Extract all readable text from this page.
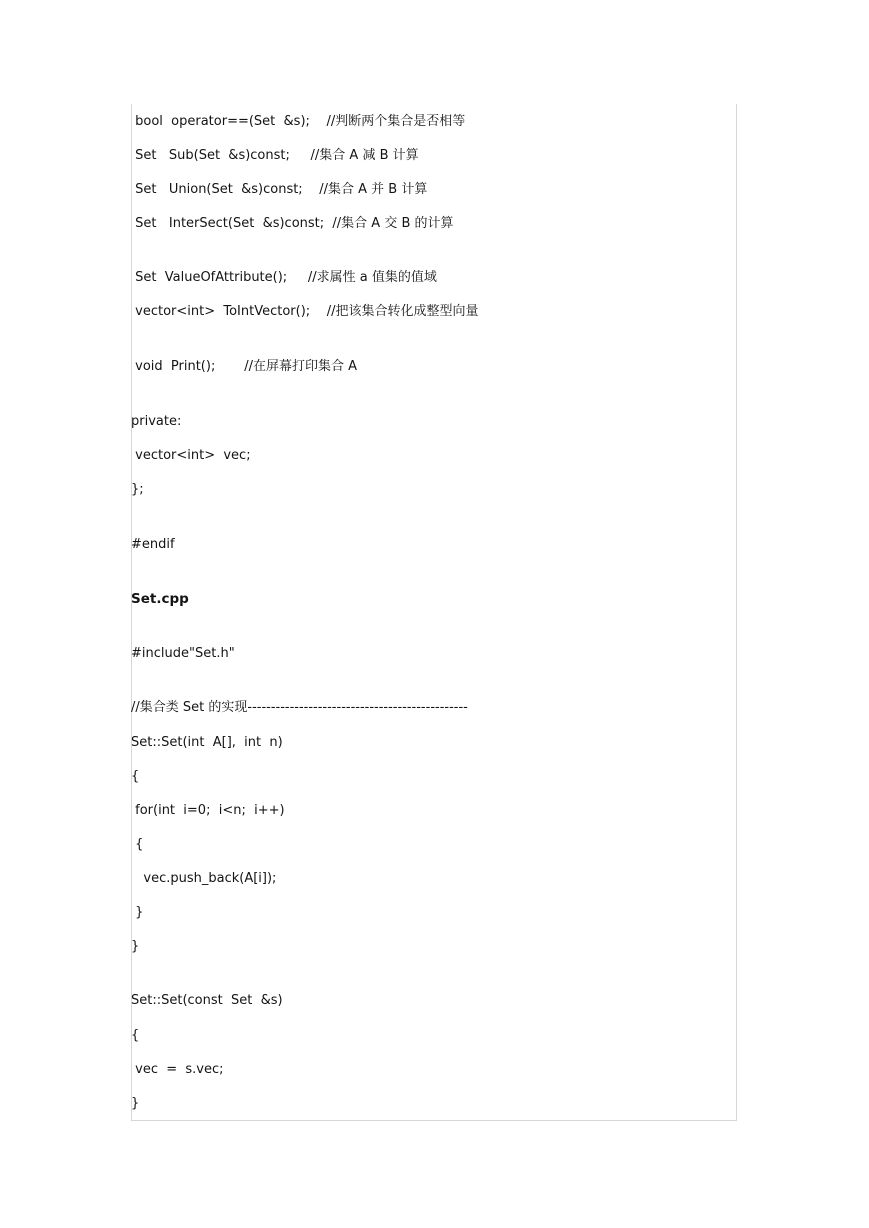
bool  operator==(Set  &s);    //判断两个集合是否相等
Set   Sub(Set  &s)const;     //集合 A 减 B 计算
Set   Union(Set  &s)const;    //集合 A 并 B 计算
Set   InterSect(Set  &s)const;  //集合 A 交 B 的计算
Set  ValueOfAttribute();     //求属性 a 值集的值域
vector<int>  ToIntVector();    //把该集合转化成整型向量
void  Print();       //在屏幕打印集合 A
private:
vector<int>  vec;
};
#endif
Set.cpp
#include"Set.h"
//集合类 Set 的实现-----------------------------------------------
Set::Set(int  A[],  int  n)
{
for(int  i=0;  i<n;  i++)
{
vec.push_back(A[i]);
}
}
Set::Set(const  Set  &s)
{
vec  =  s.vec;
}
